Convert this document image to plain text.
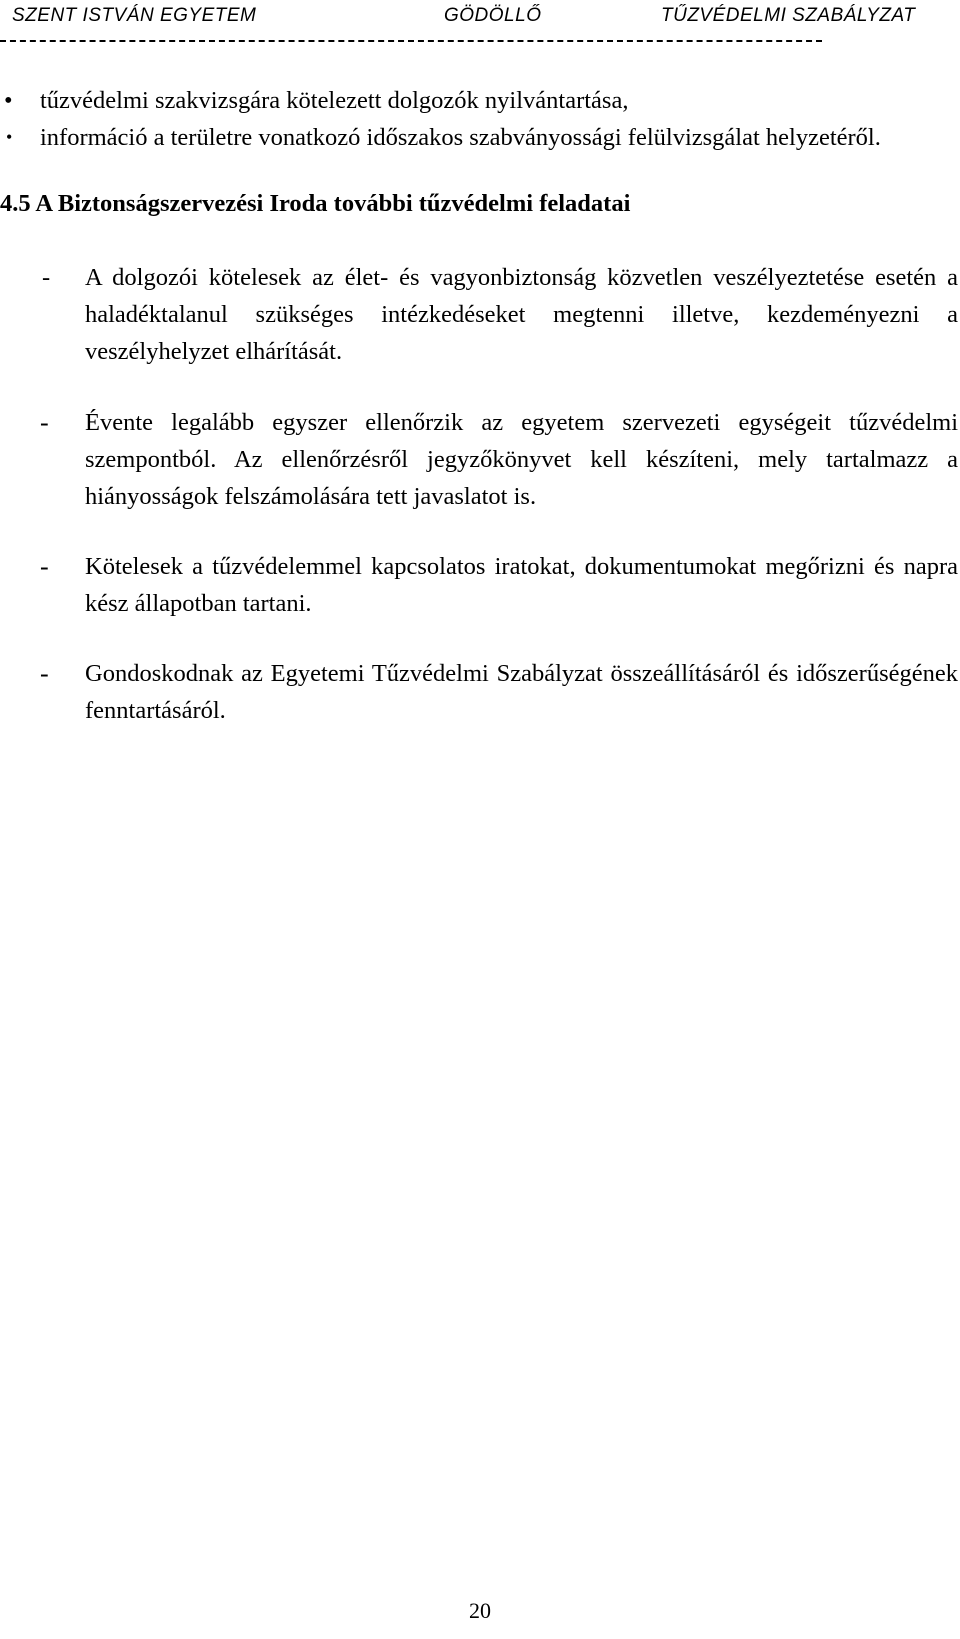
SZENT ISTVÁN EGYETEM	GÖDÖLLŐ	TŰZVÉDELMI SZABÁLYZAT
• tűzvédelmi szakvizsgára kötelezett dolgozók nyilvántartása,
• információ a területre vonatkozó időszakos szabványossági felülvizsgálat helyzetéről.
4.5 A Biztonságszervezési Iroda további tűzvédelmi feladatai
- A dolgozói kötelesek az élet- és vagyonbiztonság közvetlen veszélyeztetése esetén a haladéktalanul szükséges intézkedéseket megtenni illetve, kezdeményezni a veszélyhelyzet elhárítását.
- Évente legalább egyszer ellenőrzik az egyetem szervezeti egységeit tűzvédelmi szempontból. Az ellenőrzésről jegyzőkönyvet kell készíteni, mely tartalmazz a hiányosságok felszámolására tett javaslatot is.
- Kötelesek a tűzvédelemmel kapcsolatos iratokat, dokumentumokat megőrizni és napra kész állapotban tartani.
- Gondoskodnak az Egyetemi Tűzvédelmi Szabályzat összeállításáról és időszerűségének fenntartásáról.
20
